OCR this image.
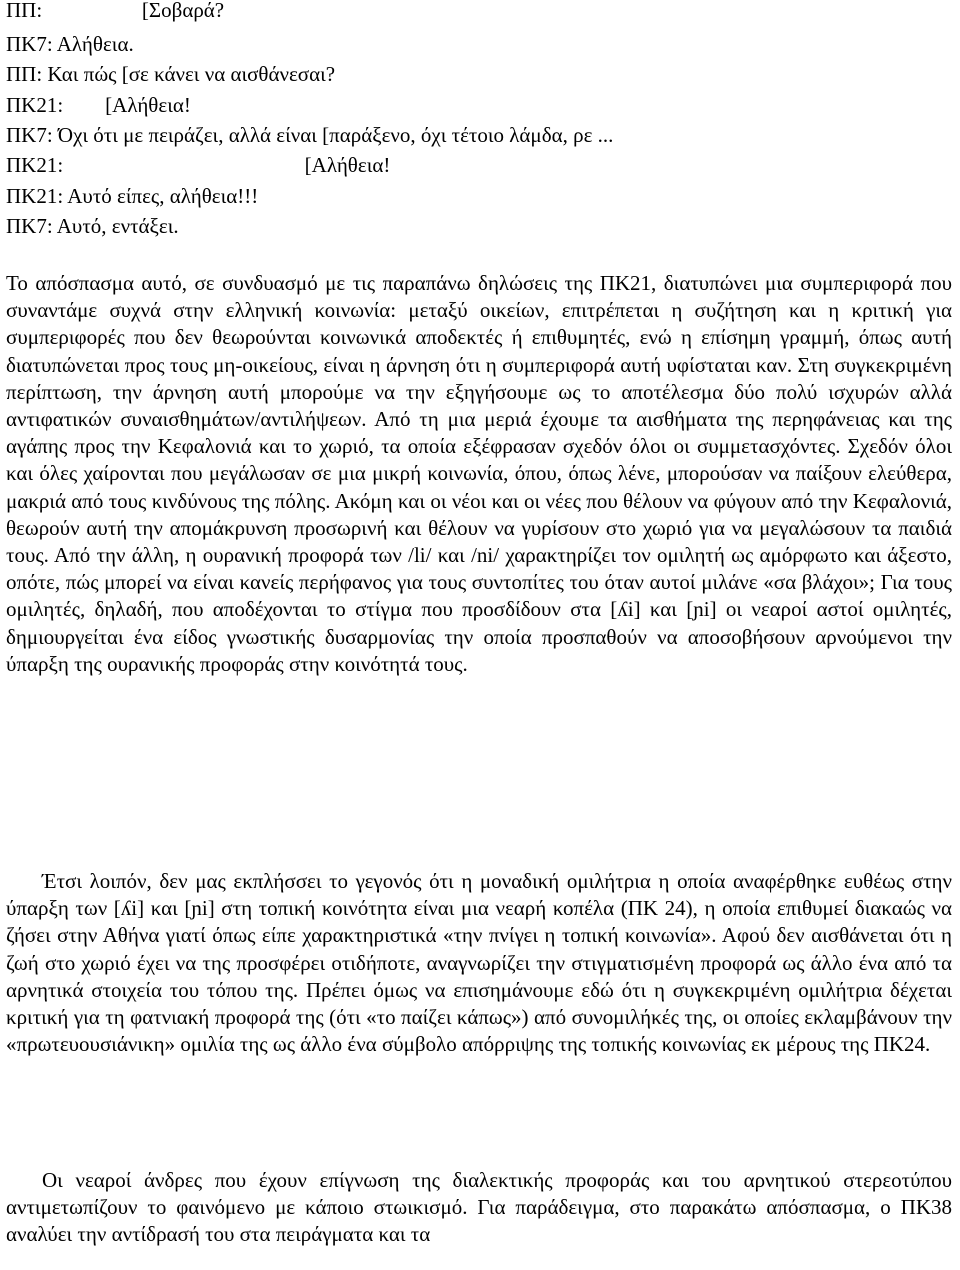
ΠΠ:	[Σοβαρά?
ΠΚ7: Αλήθεια.
ΠΠ: Και πώς [σε κάνει να αισθάνεσαι?
ΠΚ21: [Αλήθεια!
ΠΚ7: Όχι ότι με πειράζει, αλλά είναι [παράξενο, όχι τέτοιο λάμδα, ρε ...
ΠΚ21:	[Αλήθεια!
ΠΚ21: Αυτό είπες, αλήθεια!!!
ΠΚ7: Αυτό, εντάξει.

Το απόσπασμα αυτό, σε συνδυασμό με τις παραπάνω δηλώσεις της ΠΚ21, διατυπώνει μια συμπεριφορά που συναντάμε συχνά στην ελληνική κοινωνία: μεταξύ οικείων, επιτρέπεται η συζήτηση και η κριτική για συμπεριφορές που δεν θεωρούνται κοινωνικά αποδεκτές ή επιθυμητές, ενώ η επίσημη γραμμή, όπως αυτή διατυπώνεται προς τους μη-οικείους, είναι η άρνηση ότι η συμπεριφορά αυτή υφίσταται καν. Στη συγκεκριμένη περίπτωση, την άρνηση αυτή μπορούμε να την εξηγήσουμε ως το αποτέλεσμα δύο πολύ ισχυρών αλλά αντιφατικών συναισθημάτων/αντιλήψεων. Από τη μια μεριά έχουμε τα αισθήματα της περηφάνειας και της αγάπης προς την Κεφαλονιά και το χωριό, τα οποία εξέφρασαν σχεδόν όλοι οι συμμετασχόντες. Σχεδόν όλοι και όλες χαίρονται που μεγάλωσαν σε μια μικρή κοινωνία, όπου, όπως λένε, μπορούσαν να παίξουν ελεύθερα, μακριά από τους κινδύνους της πόλης. Ακόμη και οι νέοι και οι νέες που θέλουν να φύγουν από την Κεφαλονιά, θεωρούν αυτή την απομάκρυνση προσωρινή και θέλουν να γυρίσουν στο χωριό για να μεγαλώσουν τα παιδιά τους. Από την άλλη, η ουρανική προφορά των /li/ και /ni/ χαρακτηρίζει τον ομιλητή ως αμόρφωτο και άξεστο, οπότε, πώς μπορεί να είναι κανείς περήφανος για τους συντοπίτες του όταν αυτοί μιλάνε «σα βλάχοι»; Για τους ομιλητές, δηλαδή, που αποδέχονται το στίγμα που προσδίδουν στα [ʎi] και [ɲi] οι νεαροί αστοί ομιλητές, δημιουργείται ένα είδος γνωστικής δυσαρμονίας την οποία προσπαθούν να αποσοβήσουν αρνούμενοι την ύπαρξη της ουρανικής προφοράς στην κοινότητά τους.

Έτσι λοιπόν, δεν μας εκπλήσσει το γεγονός ότι η μοναδική ομιλήτρια η οποία αναφέρθηκε ευθέως στην ύπαρξη των [ʎi] και [ɲi] στη τοπική κοινότητα είναι μια νεαρή κοπέλα (ΠΚ 24), η οποία επιθυμεί διακαώς να ζήσει στην Αθήνα γιατί όπως είπε χαρακτηριστικά «την πνίγει η τοπική κοινωνία». Αφού δεν αισθάνεται ότι η ζωή στο χωριό έχει να της προσφέρει οτιδήποτε, αναγνωρίζει την στιγματισμένη προφορά ως άλλο ένα από τα αρνητικά στοιχεία του τόπου της. Πρέπει όμως να επισημάνουμε εδώ ότι η συγκεκριμένη ομιλήτρια δέχεται κριτική για τη φατνιακή προφορά της (ότι «το παίζει κάπως») από συνομιλήκές της, οι οποίες εκλαμβάνουν την «πρωτευουσιάνικη» ομιλία της ως άλλο ένα σύμβολο απόρριψης της τοπικής κοινωνίας εκ μέρους της ΠΚ24.

Οι νεαροί άνδρες που έχουν επίγνωση της διαλεκτικής προφοράς και του αρνητικού στερεοτύπου αντιμετωπίζουν το φαινόμενο με κάποιο στωικισμό. Για παράδειγμα, στο παρακάτω απόσπασμα, ο ΠΚ38 αναλύει την αντίδρασή του στα πειράγματα και τα
